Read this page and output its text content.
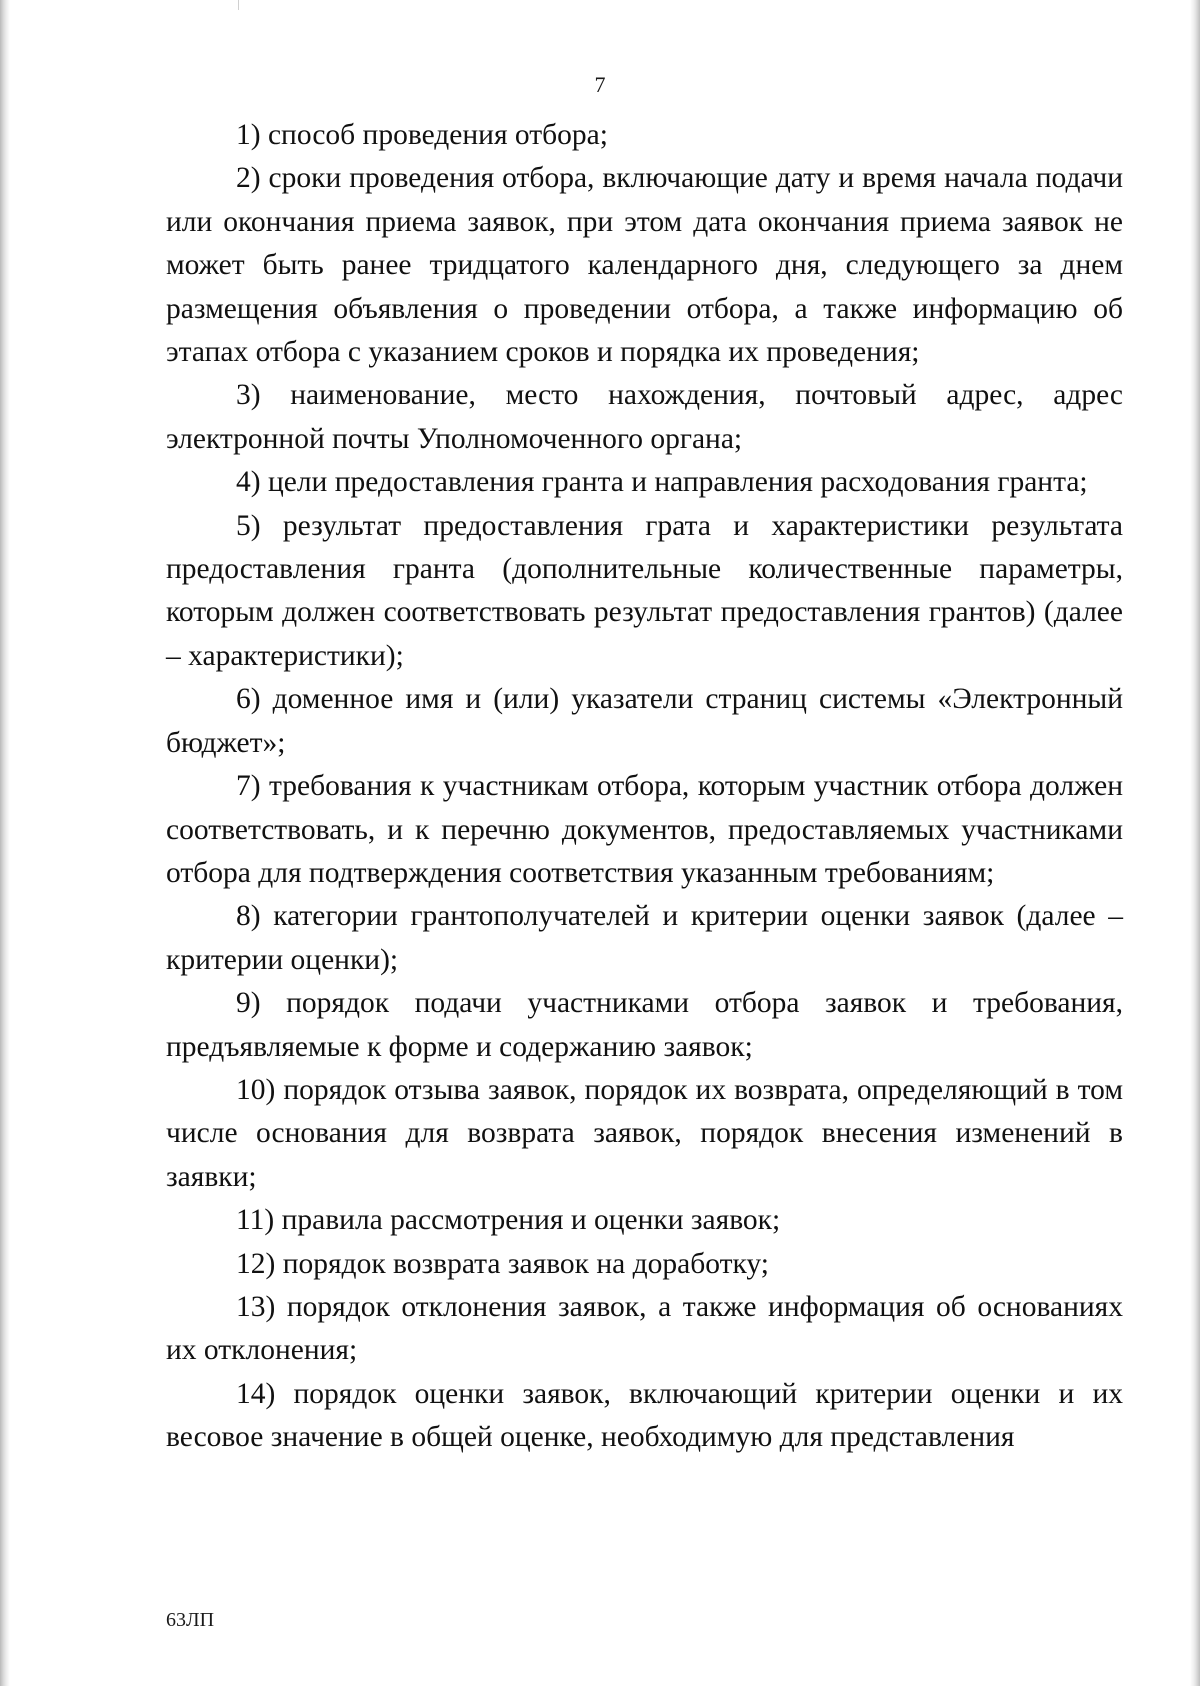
7

1) способ проведения отбора;

2) сроки проведения отбора, включающие дату и время начала подачи или окончания приема заявок, при этом дата окончания приема заявок не может быть ранее тридцатого календарного дня, следующего за днем размещения объявления о проведении отбора, а также информацию об этапах отбора с указанием сроков и порядка их проведения;

3) наименование, место нахождения, почтовый адрес, адрес электронной почты Уполномоченного органа;

4) цели предоставления гранта и направления расходования гранта;

5) результат предоставления грата и характеристики результата предоставления гранта (дополнительные количественные параметры, которым должен соответствовать результат предоставления грантов) (далее – характеристики);

6) доменное имя и (или) указатели страниц системы «Электронный бюджет»;

7) требования к участникам отбора, которым участник отбора должен соответствовать, и к перечню документов, предоставляемых участниками отбора для подтверждения соответствия указанным требованиям;

8) категории грантополучателей и критерии оценки заявок (далее – критерии оценки);

9) порядок подачи участниками отбора заявок и требования, предъявляемые к форме и содержанию заявок;

10) порядок отзыва заявок, порядок их возврата, определяющий в том числе основания для возврата заявок, порядок внесения изменений в заявки;

11) правила рассмотрения и оценки заявок;

12) порядок возврата заявок на доработку;

13) порядок отклонения заявок, а также информация об основаниях их отклонения;

14) порядок оценки заявок, включающий критерии оценки и их весовое значение в общей оценке, необходимую для представления

63ЛП
